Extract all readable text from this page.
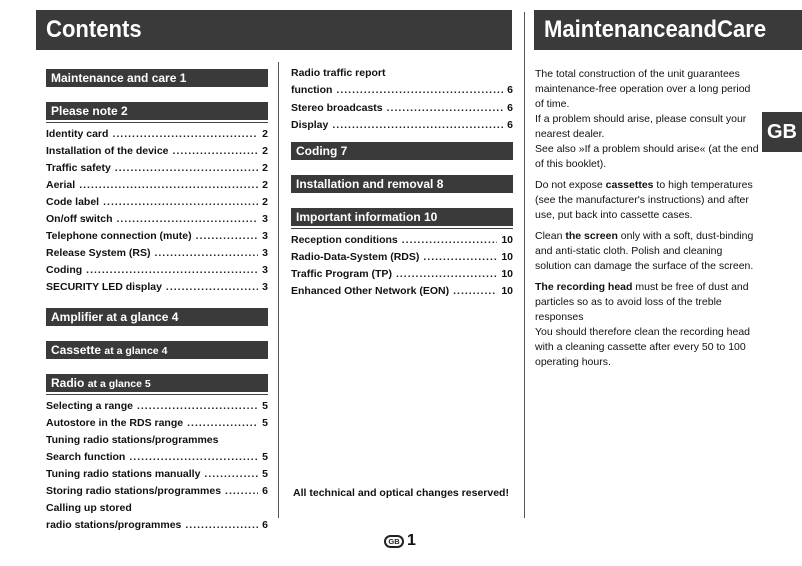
Contents	MaintenanceandCare
Maintenance and care 1
Please note 2
Identity card .....	2
Installation of the device .....	2
Traffic safety .....	2
Aerial .....	2
Code label .....	2
On/off switch .....	3
Telephone connection (mute) .....	3
Release System (RS) .....	3
Coding .....	3
SECURITY LED display .....	3
Amplifier at a glance 4
Cassette at a glance 4
Radio at a glance 5
Selecting a range .....	5
Autostore in the RDS range .....	5
Tuning radio stations/programmes
Search function .....	5
Tuning radio stations manually .....	5
Storing radio stations/programmes .....	6
Calling up stored
radio stations/programmes .....	6
Radio traffic report
function .....	6
Stereo broadcasts .....	6
Display .....	6
Coding 7
Installation and removal 8
Important information 10
Reception conditions .....	10
Radio-Data-System (RDS) .....	10
Traffic Program (TP) .....	10
Enhanced Other Network (EON) .....	10
All technical and optical changes reserved!

The total construction of the unit guarantees maintenance-free operation over a long period of time.

If a problem should arise, please consult your nearest dealer.

See also »If a problem should arise« (at the end of this booklet).

Do not expose cassettes to high temperatures (see the manufacturer's instructions) and after use, put back into cassette cases.

Clean the screen only with a soft, dust-binding and anti-static cloth. Polish and cleaning solution can damage the surface of the screen.

The recording head must be free of dust and particles so as to avoid loss of the treble responses

You should therefore clean the recording head with a cleaning cassette after every 50 to 100 operating hours.

GB
GB 1
